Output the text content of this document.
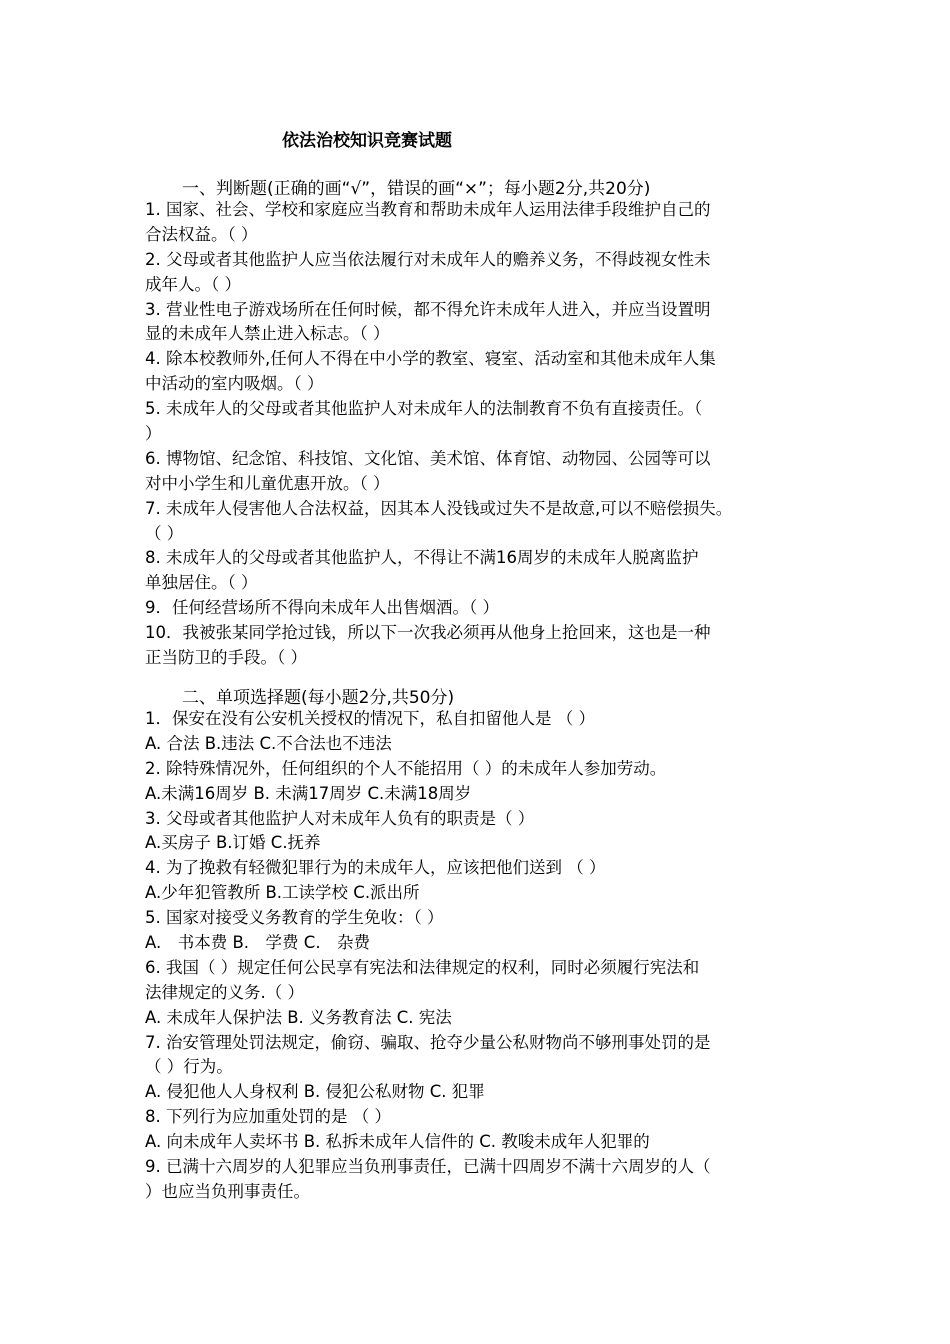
依法治校知识竞赛试题
一、判断题(正确的画“√”，错误的画“×”；每小题2分,共20分)
1. 国家、社会、学校和家庭应当教育和帮助未成年人运用法律手段维护自己的
合法权益。（ ）
2. 父母或者其他监护人应当依法履行对未成年人的赡养义务，不得歧视女性未
成年人。（ ）
3. 营业性电子游戏场所在任何时候，都不得允许未成年人进入，并应当设置明
显的未成年人禁止进入标志。（ ）
4. 除本校教师外,任何人不得在中小学的教室、寝室、活动室和其他未成年人集
中活动的室内吸烟。（ ）
5. 未成年人的父母或者其他监护人对未成年人的法制教育不负有直接责任。（
）
6. 博物馆、纪念馆、科技馆、文化馆、美术馆、体育馆、动物园、公园等可以
对中小学生和儿童优惠开放。（ ）
7. 未成年人侵害他人合法权益，因其本人没钱或过失不是故意,可以不赔偿损失。
（ ）
8. 未成年人的父母或者其他监护人，不得让不满16周岁的未成年人脱离监护
单独居住。（ ）
9．任何经营场所不得向未成年人出售烟酒。（ ）
10．我被张某同学抢过钱，所以下一次我必须再从他身上抢回来，这也是一种
正当防卫的手段。（ ）
二、单项选择题(每小题2分,共50分)
1．保安在没有公安机关授权的情况下，私自扣留他人是 （ ）
A. 合法 B.违法 C.不合法也不违法
2. 除特殊情况外，任何组织的个人不能招用（ ）的未成年人参加劳动。
A.未满16周岁 B. 未满17周岁 C.未满18周岁
3. 父母或者其他监护人对未成年人负有的职责是（ ）
A.买房子 B.订婚 C.抚养
4. 为了挽救有轻微犯罪行为的未成年人，应该把他们送到 （ ）
A.少年犯管教所 B.工读学校 C.派出所
5. 国家对接受义务教育的学生免收：（ ）
A.　书本费 B.　学费 C.　杂费
6. 我国（ ）规定任何公民享有宪法和法律规定的权利，同时必须履行宪法和
法律规定的义务.（ ）
A. 未成年人保护法 B. 义务教育法 C. 宪法
7. 治安管理处罚法规定，偷窃、骗取、抢夺少量公私财物尚不够刑事处罚的是
（ ）行为。
A. 侵犯他人人身权利 B. 侵犯公私财物 C. 犯罪
8. 下列行为应加重处罚的是 （ ）
A. 向未成年人卖坏书 B. 私拆未成年人信件的 C. 教唆未成年人犯罪的
9. 已满十六周岁的人犯罪应当负刑事责任，已满十四周岁不满十六周岁的人（
）也应当负刑事责任。
